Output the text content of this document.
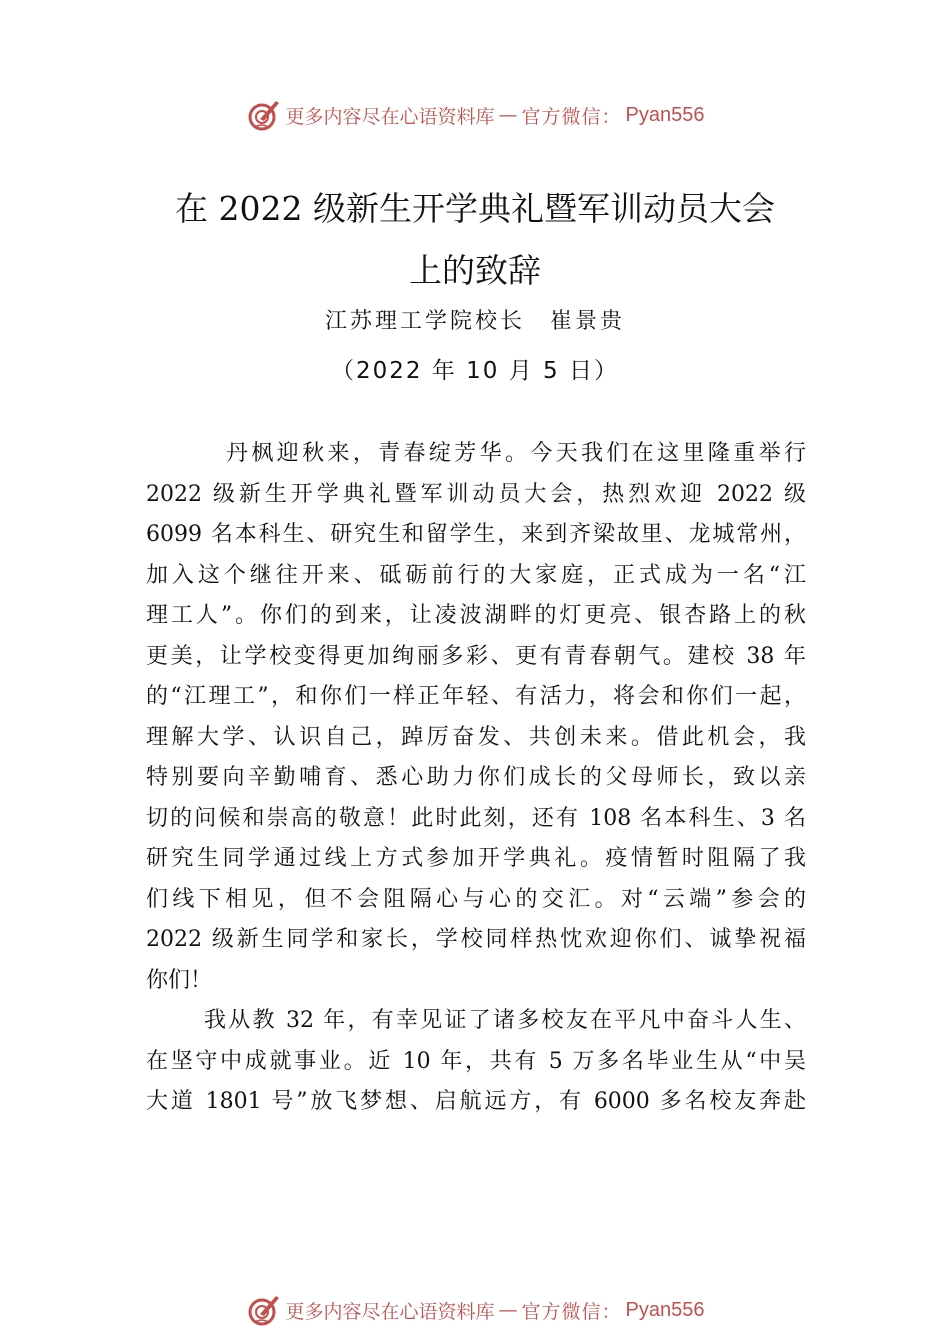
更多内容尽在心语资料库 — 官方微信： Pyan556
在 2022 级新生开学典礼暨军训动员大会
上的致辞
江苏理工学院校长　崔景贵
（2022 年 10 月 5 日）
丹枫迎秋来，青春绽芳华。今天我们在这里隆重举行
2022 级新生开学典礼暨军训动员大会，热烈欢迎 2022 级
6099 名本科生、研究生和留学生，来到齐梁故里、龙城常州，
加入这个继往开来、砥砺前行的大家庭，正式成为一名“江
理工人”。你们的到来，让凌波湖畔的灯更亮、银杏路上的秋
更美，让学校变得更加绚丽多彩、更有青春朝气。建校 38 年
的“江理工”，和你们一样正年轻、有活力，将会和你们一起，
理解大学、认识自己，踔厉奋发、共创未来。借此机会，我
特别要向辛勤哺育、悉心助力你们成长的父母师长，致以亲
切的问候和崇高的敬意！此时此刻，还有 108 名本科生、3 名
研究生同学通过线上方式参加开学典礼。疫情暂时阻隔了我
们线下相见，但不会阻隔心与心的交汇。对“云端”参会的
2022 级新生同学和家长，学校同样热忱欢迎你们、诚挚祝福
你们！
我从教 32 年，有幸见证了诸多校友在平凡中奋斗人生、
在坚守中成就事业。近 10 年，共有 5 万多名毕业生从“中吴
大道 1801 号”放飞梦想、启航远方，有 6000 多名校友奔赴
更多内容尽在心语资料库 — 官方微信： Pyan556
